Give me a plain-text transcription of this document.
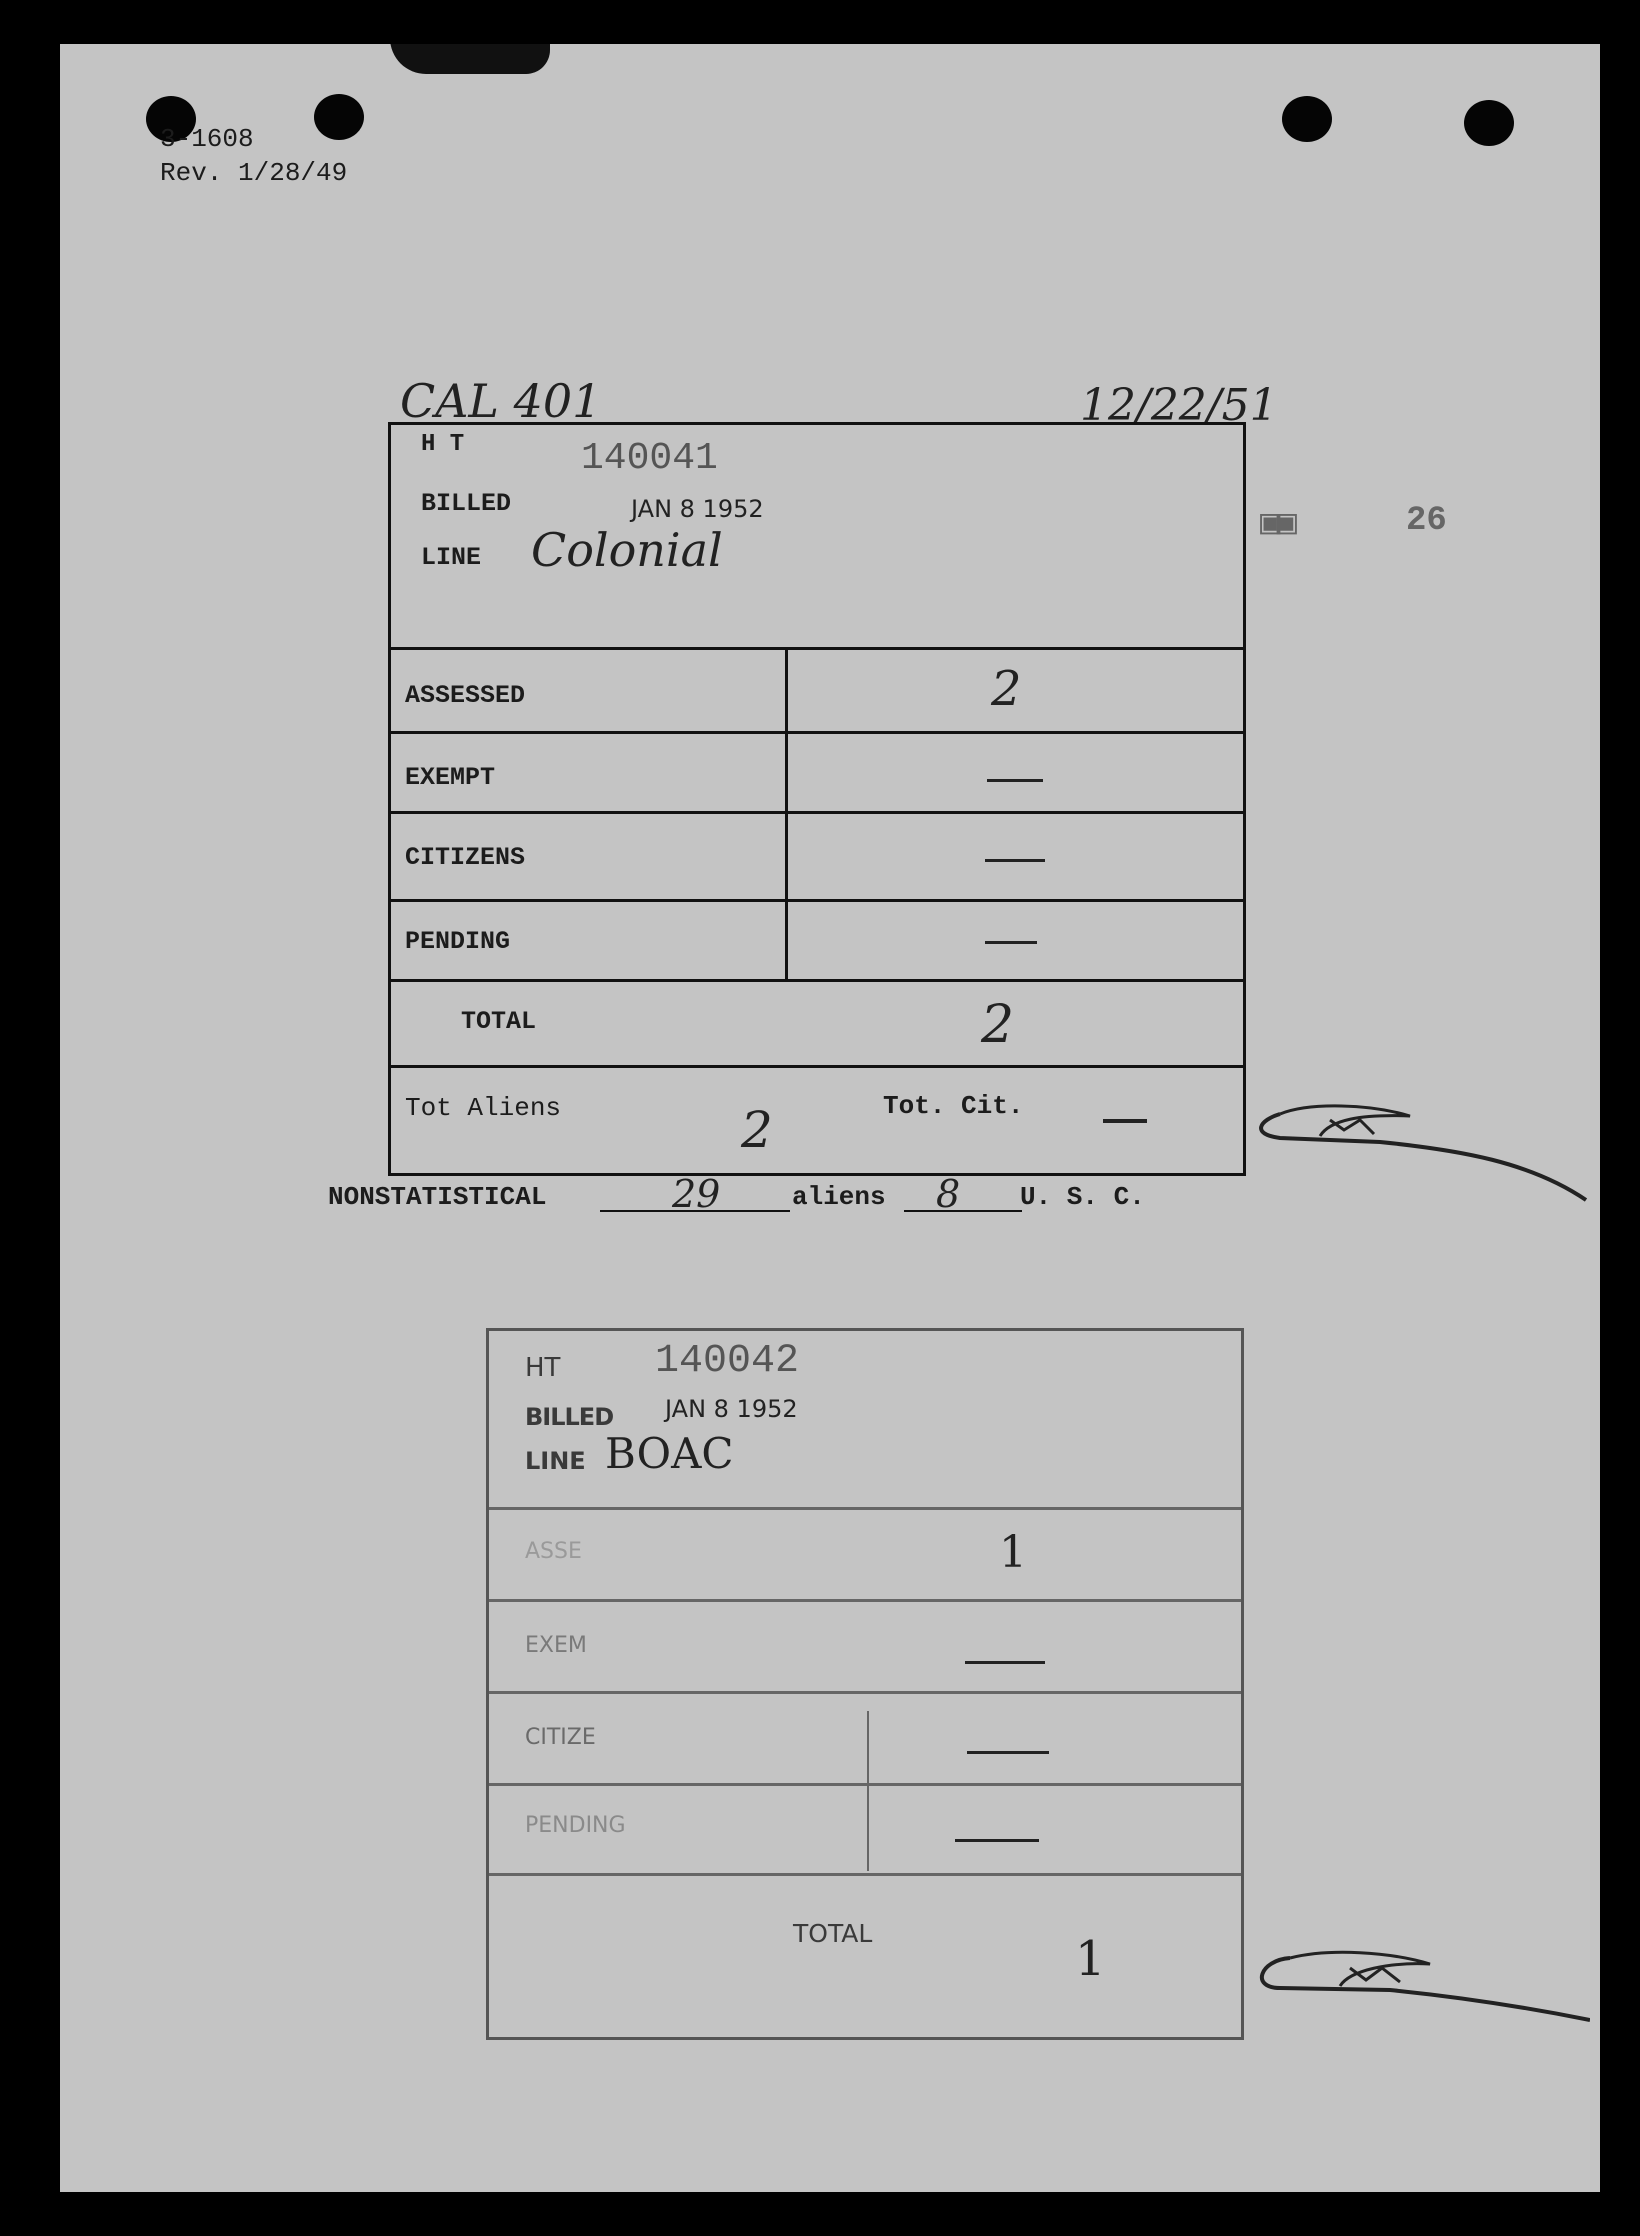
3-1608
Rev. 1/28/49
CAL 401	12/22/51
▣▣	26
H T	140041
BILLED	JAN 8 1952
LINE Colonial
ASSESSED	2
EXEMPT
CITIZENS
PENDING
TOTAL	2
Tot Aliens	2	Tot. Cit.
NONSTATISTICAL	29	aliens 8 U. S. C.
HT 140042
BILLED JAN 8 1952
LINE BOAC
ASSE	1
EXEM
CITIZE
PENDING
TOTAL	1
